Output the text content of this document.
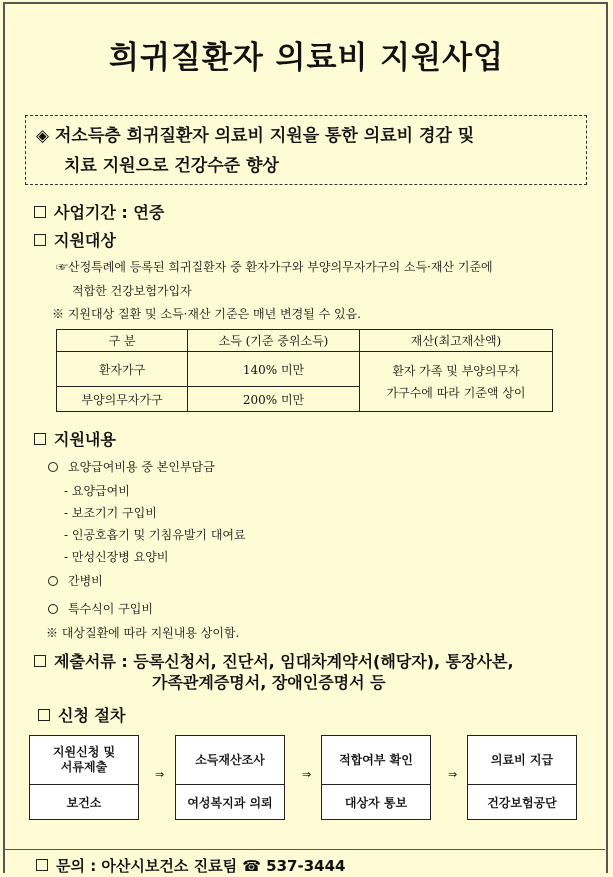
희귀질환자 의료비 지원사업
◈ 저소득층 희귀질환자 의료비 지원을 통한 의료비 경감 및
치료 지원으로 건강수준 향상
사업기간 : 연중
지원대상
☞산정특례에 등록된 희귀질환자 중 환자가구와 부양의무자가구의 소득·재산 기준에
적합한 건강보험가입자
※ 지원대상 질환 및 소득·재산 기준은 매년 변경될 수 있음.
구 분	소득 (기준 중위소득)	재산(최고재산액)
환자가구	140% 미만	환자 가족 및 부양의무자
가구수에 따라 기준액 상이

부양의무자가구	200% 미만	
지원내용
요양급여비용 중 본인부담금
- 요양급여비
- 보조기기 구입비
- 인공호흡기 및 기침유발기 대여료
- 만성신장병 요양비
간병비
특수식이 구입비
※ 대상질환에 따라 지원내용 상이함.
제출서류 : 등록신청서, 진단서, 임대차계약서(해당자), 통장사본,
가족관계증명서, 장애인증명서 등
신청 절차
지원신청 및
서류제출
보건소
⇒
소득재산조사
여성복지과 의뢰
⇒
적합여부 확인
대상자 통보
⇒
의료비 지급
건강보험공단
문의 : 아산시보건소 진료팀 ☎ 537-3444
